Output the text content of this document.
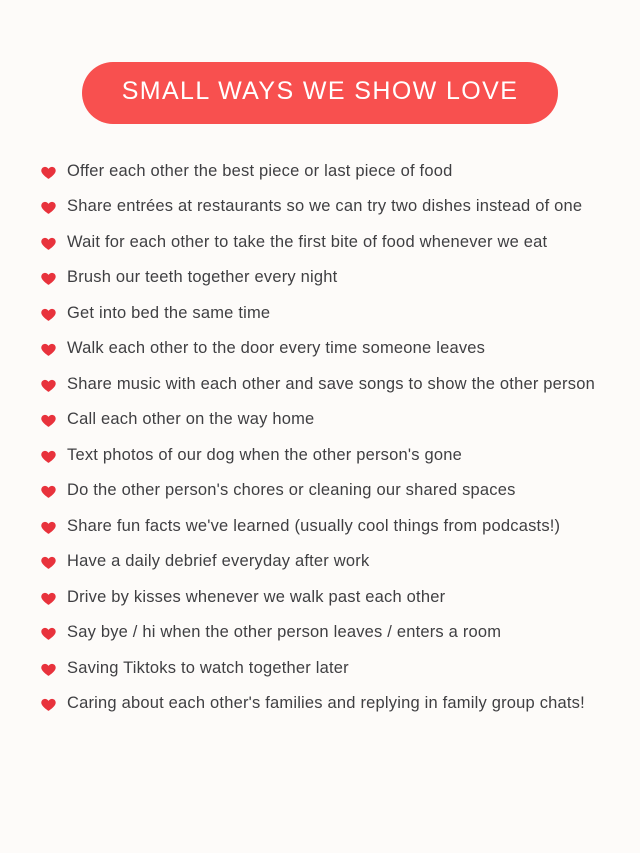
SMALL WAYS WE SHOW LOVE
Offer each other the best piece or last piece of food
Share entrées at restaurants so we can try two dishes instead of one
Wait for each other to take the first bite of food whenever we eat
Brush our teeth together every night
Get into bed the same time
Walk each other to the door every time someone leaves
Share music with each other and save songs to show the other person
Call each other on the way home
Text photos of our dog when the other person's gone
Do the other person's chores or cleaning our shared spaces
Share fun facts we've learned (usually cool things from podcasts!)
Have a daily debrief everyday after work
Drive by kisses whenever we walk past each other
Say bye / hi when the other person leaves / enters a room
Saving Tiktoks to watch together later
Caring about each other's families and replying in family group chats!
